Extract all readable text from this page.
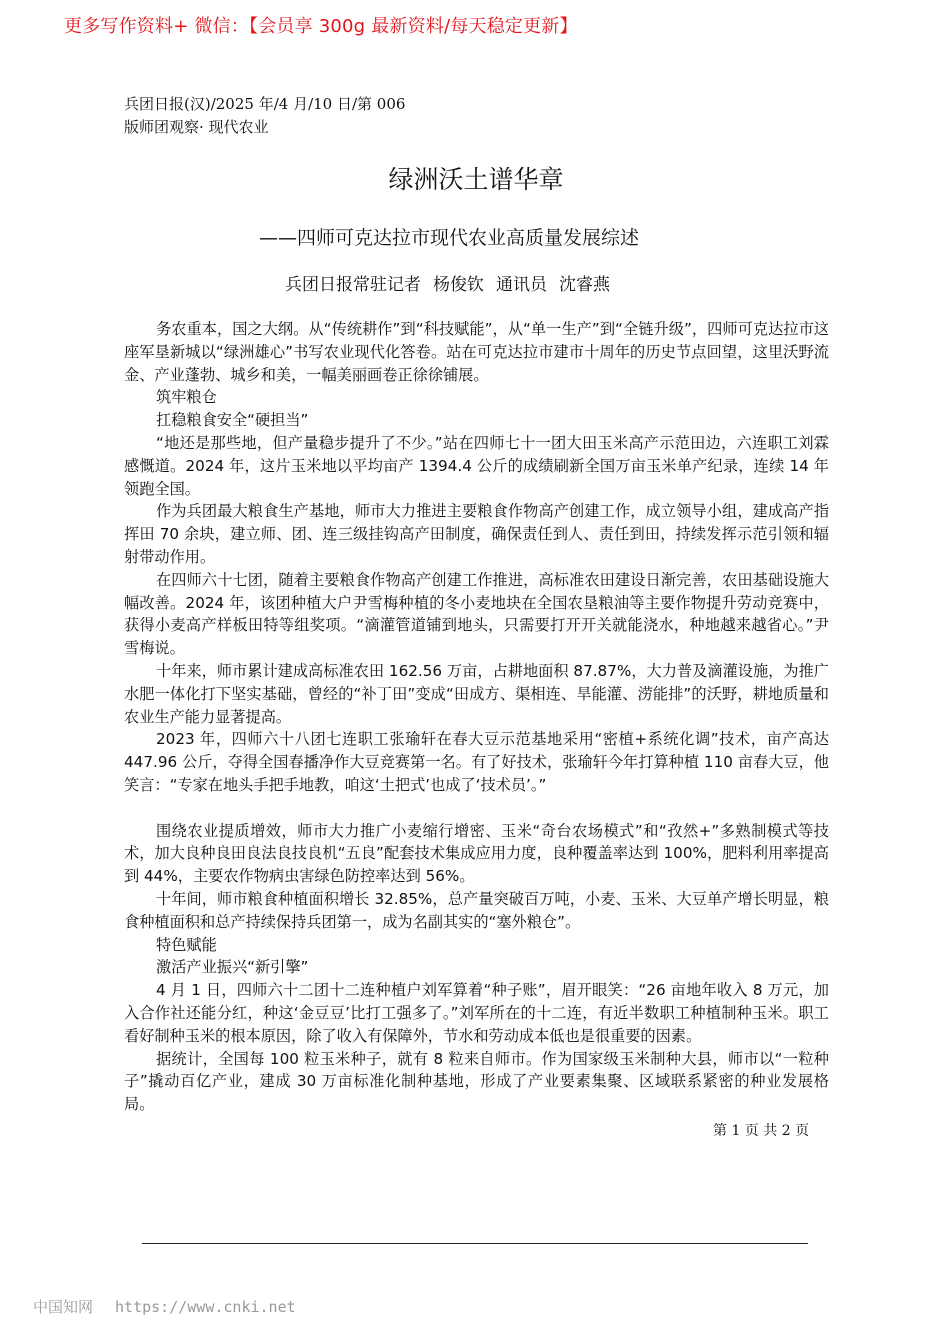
更多写作资料+ 微信：【会员享 300g 最新资料/每天稳定更新】
兵团日报(汉)/2025 年/4 月/10 日/第 006
版师团观察· 现代农业
绿洲沃土谱华章
——四师可克达拉市现代农业高质量发展综述
兵团日报常驻记者 杨俊钦 通讯员 沈睿燕

务农重本，国之大纲。从“传统耕作”到“科技赋能”，从“单一生产”到“全链升级”，四师可克达拉市这座军垦新城以“绿洲雄心”书写农业现代化答卷。站在可克达拉市建市十周年的历史节点回望，这里沃野流金、产业蓬勃、城乡和美，一幅美丽画卷正徐徐铺展。

筑牢粮仓

扛稳粮食安全“硬担当”

“地还是那些地，但产量稳步提升了不少。”站在四师七十一团大田玉米高产示范田边，六连职工刘霖感慨道。2024 年，这片玉米地以平均亩产 1394.4 公斤的成绩刷新全国万亩玉米单产纪录，连续 14 年领跑全国。

作为兵团最大粮食生产基地，师市大力推进主要粮食作物高产创建工作，成立领导小组，建成高产指挥田 70 余块，建立师、团、连三级挂钩高产田制度，确保责任到人、责任到田，持续发挥示范引领和辐射带动作用。

在四师六十七团，随着主要粮食作物高产创建工作推进，高标准农田建设日渐完善，农田基础设施大幅改善。2024 年，该团种植大户尹雪梅种植的冬小麦地块在全国农垦粮油等主要作物提升劳动竞赛中，获得小麦高产样板田特等组奖项。“滴灌管道铺到地头，只需要打开开关就能浇水，种地越来越省心。”尹雪梅说。

十年来，师市累计建成高标准农田 162.56 万亩，占耕地面积 87.87%，大力普及滴灌设施，为推广水肥一体化打下坚实基础，曾经的“补丁田”变成“田成方、渠相连、旱能灌、涝能排”的沃野，耕地质量和农业生产能力显著提高。

2023 年，四师六十八团七连职工张瑜轩在春大豆示范基地采用“密植+系统化调”技术，亩产高达 447.96 公斤，夺得全国春播净作大豆竞赛第一名。有了好技术，张瑜轩今年打算种植 110 亩春大豆，他笑言：“专家在地头手把手地教，咱这‘土把式’也成了‘技术员’。”

围绕农业提质增效，师市大力推广小麦缩行增密、玉米“奇台农场模式”和“孜然+”多熟制模式等技术，加大良种良田良法良技良机“五良”配套技术集成应用力度，良种覆盖率达到 100%，肥料利用率提高到 44%，主要农作物病虫害绿色防控率达到 56%。

十年间，师市粮食种植面积增长 32.85%，总产量突破百万吨，小麦、玉米、大豆单产增长明显，粮食种植面积和总产持续保持兵团第一，成为名副其实的“塞外粮仓”。

特色赋能

激活产业振兴“新引擎”

4 月 1 日，四师六十二团十二连种植户刘军算着“种子账”，眉开眼笑：“26 亩地年收入 8 万元，加入合作社还能分红，种这‘金豆豆’比打工强多了。”刘军所在的十二连，有近半数职工种植制种玉米。职工看好制种玉米的根本原因，除了收入有保障外，节水和劳动成本低也是很重要的因素。

据统计，全国每 100 粒玉米种子，就有 8 粒来自师市。作为国家级玉米制种大县，师市以“一粒种子”撬动百亿产业，建成 30 万亩标准化制种基地，形成了产业要素集聚、区域联系紧密的种业发展格局。

第 1 页 共 2 页
中国知网 https://www.cnki.net
